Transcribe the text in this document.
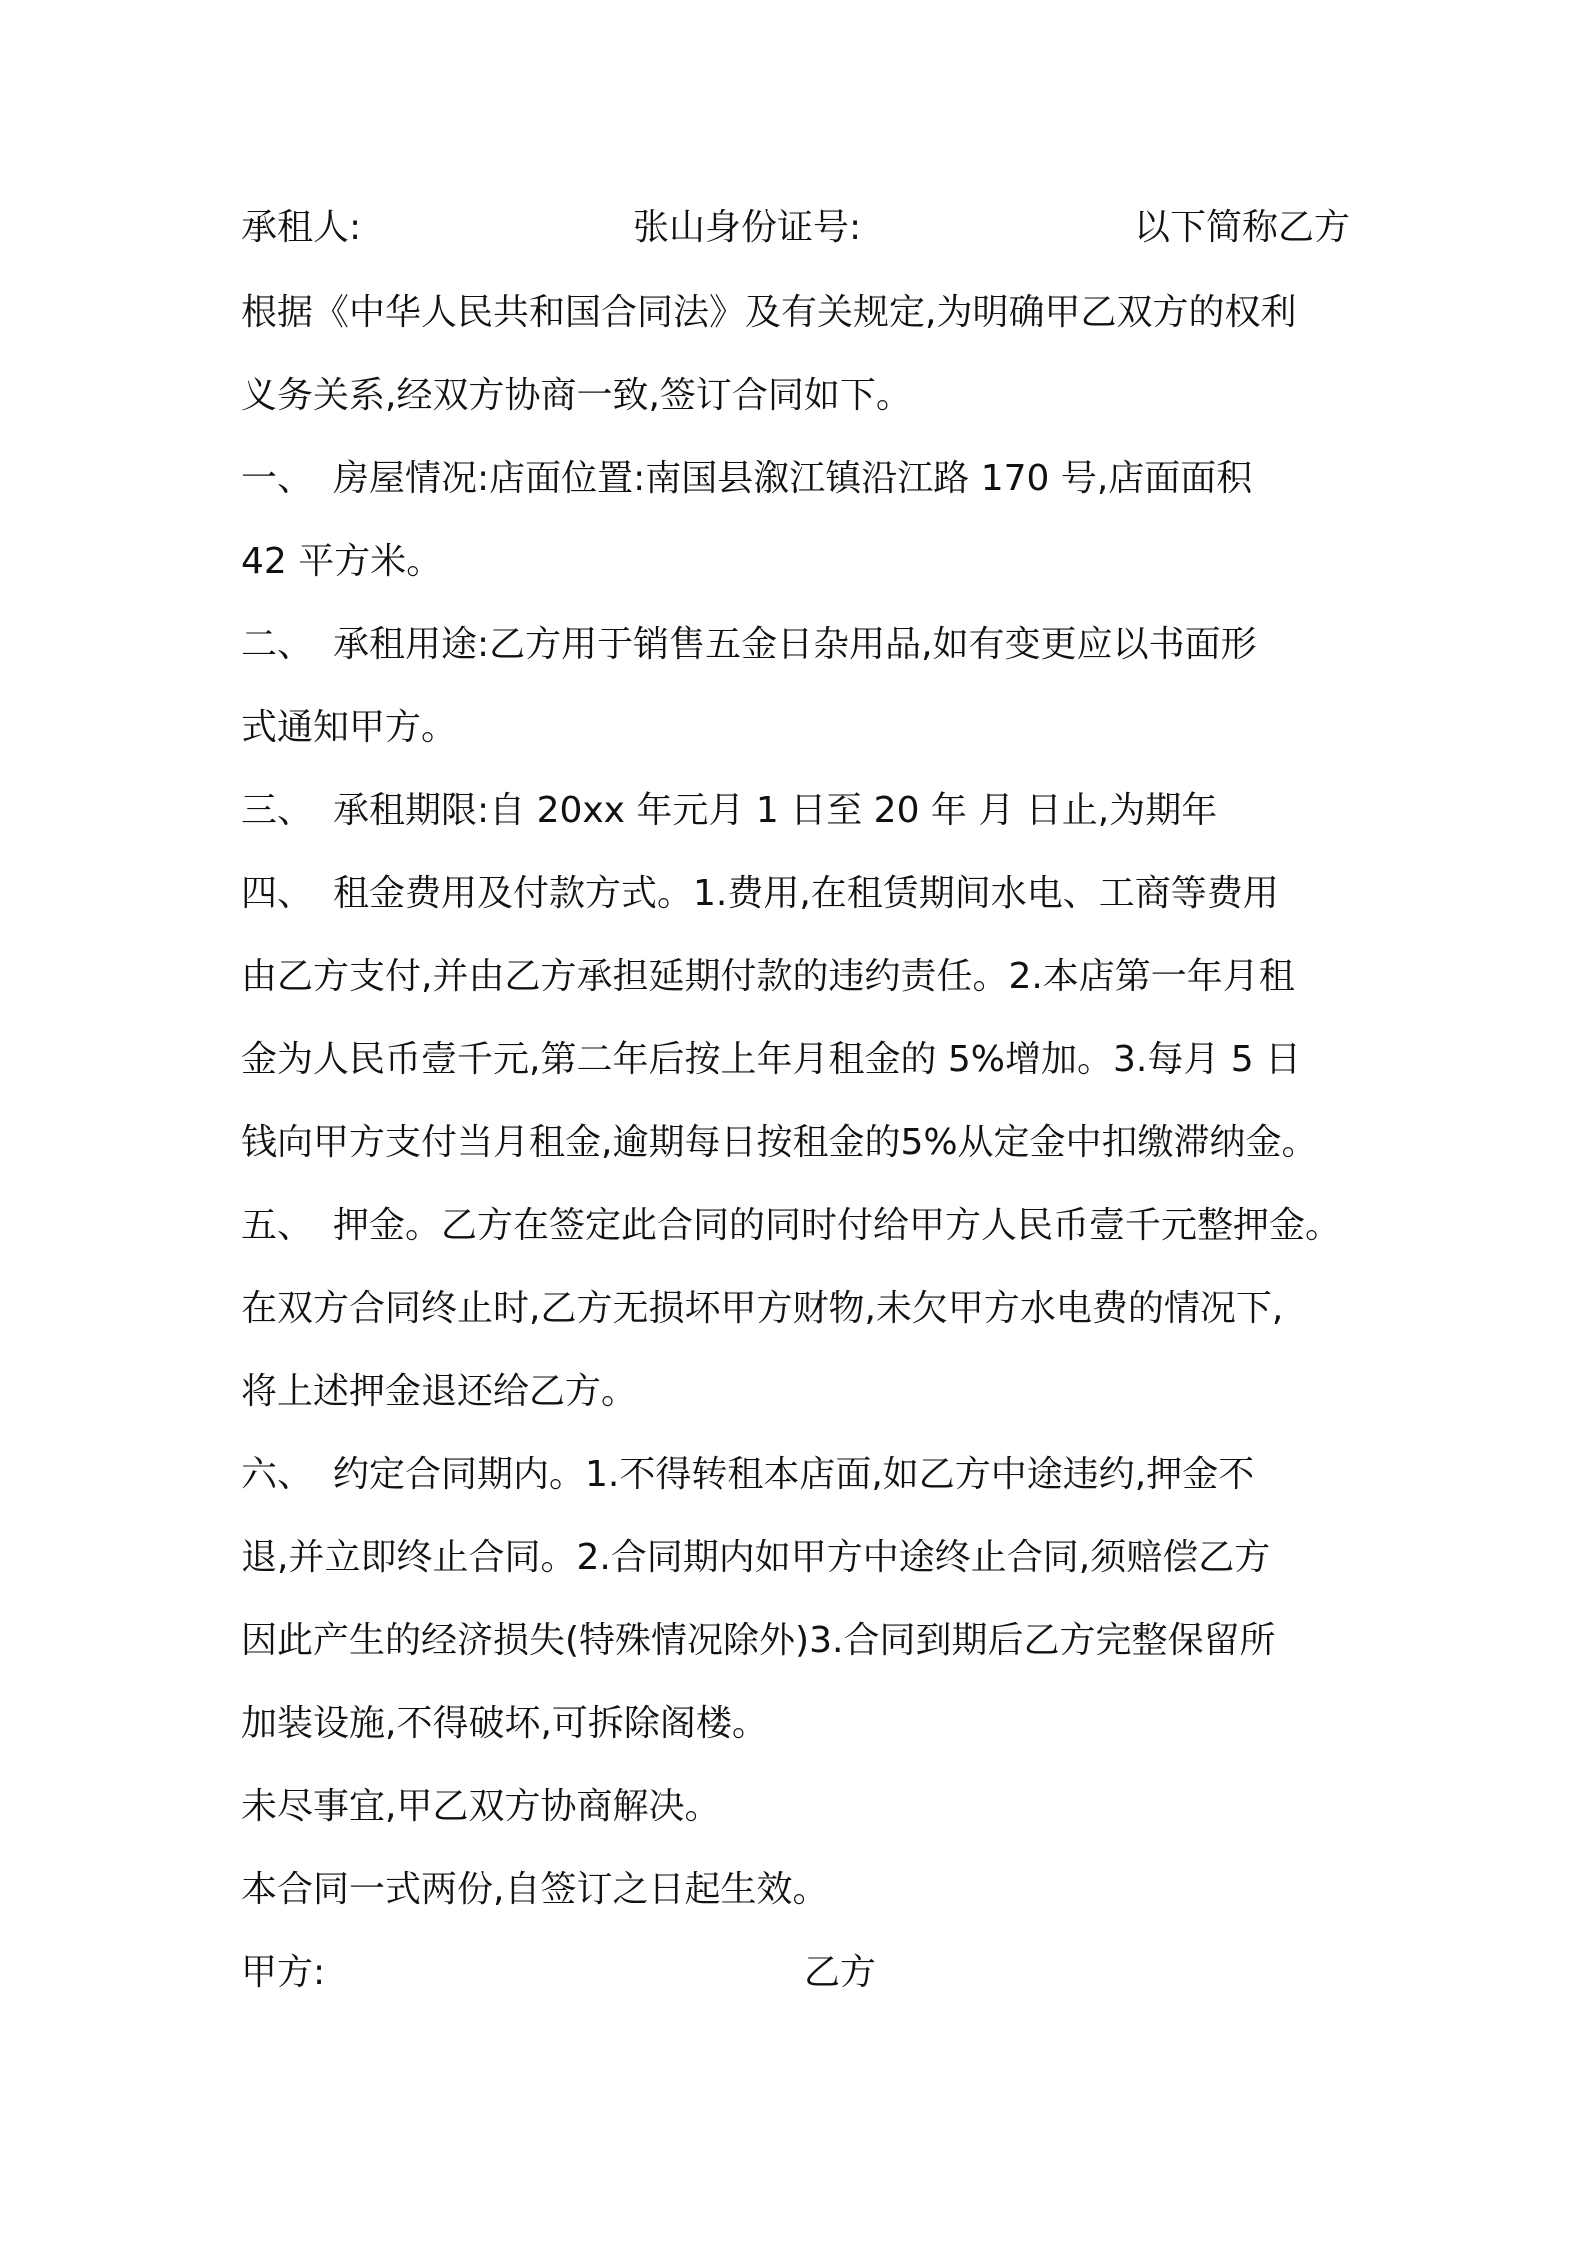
承租人:	张山身份证号:	以下简称乙方
根据《中华人民共和国合同法》及有关规定,为明确甲乙双方的权利
义务关系,经双方协商一致,签订合同如下。
一、 房屋情况:店面位置:南国县溆江镇沿江路 170 号,店面面积
42 平方米。
二、 承租用途:乙方用于销售五金日杂用品,如有变更应以书面形
式通知甲方。
三、 承租期限:自 20xx 年元月 1 日至 20 年 月 日止,为期年
四、 租金费用及付款方式。1.费用,在租赁期间水电、工商等费用
由乙方支付,并由乙方承担延期付款的违约责任。2.本店第一年月租
金为人民币壹千元,第二年后按上年月租金的 5%增加。3.每月 5 日
钱向甲方支付当月租金,逾期每日按租金的5%从定金中扣缴滞纳金。
五、 押金。乙方在签定此合同的同时付给甲方人民币壹千元整押金。
在双方合同终止时,乙方无损坏甲方财物,未欠甲方水电费的情况下,
将上述押金退还给乙方。
六、 约定合同期内。1.不得转租本店面,如乙方中途违约,押金不
退,并立即终止合同。2.合同期内如甲方中途终止合同,须赔偿乙方
因此产生的经济损失(特殊情况除外)3.合同到期后乙方完整保留所
加装设施,不得破坏,可拆除阁楼。
未尽事宜,甲乙双方协商解决。
本合同一式两份,自签订之日起生效。
甲方:	乙方
